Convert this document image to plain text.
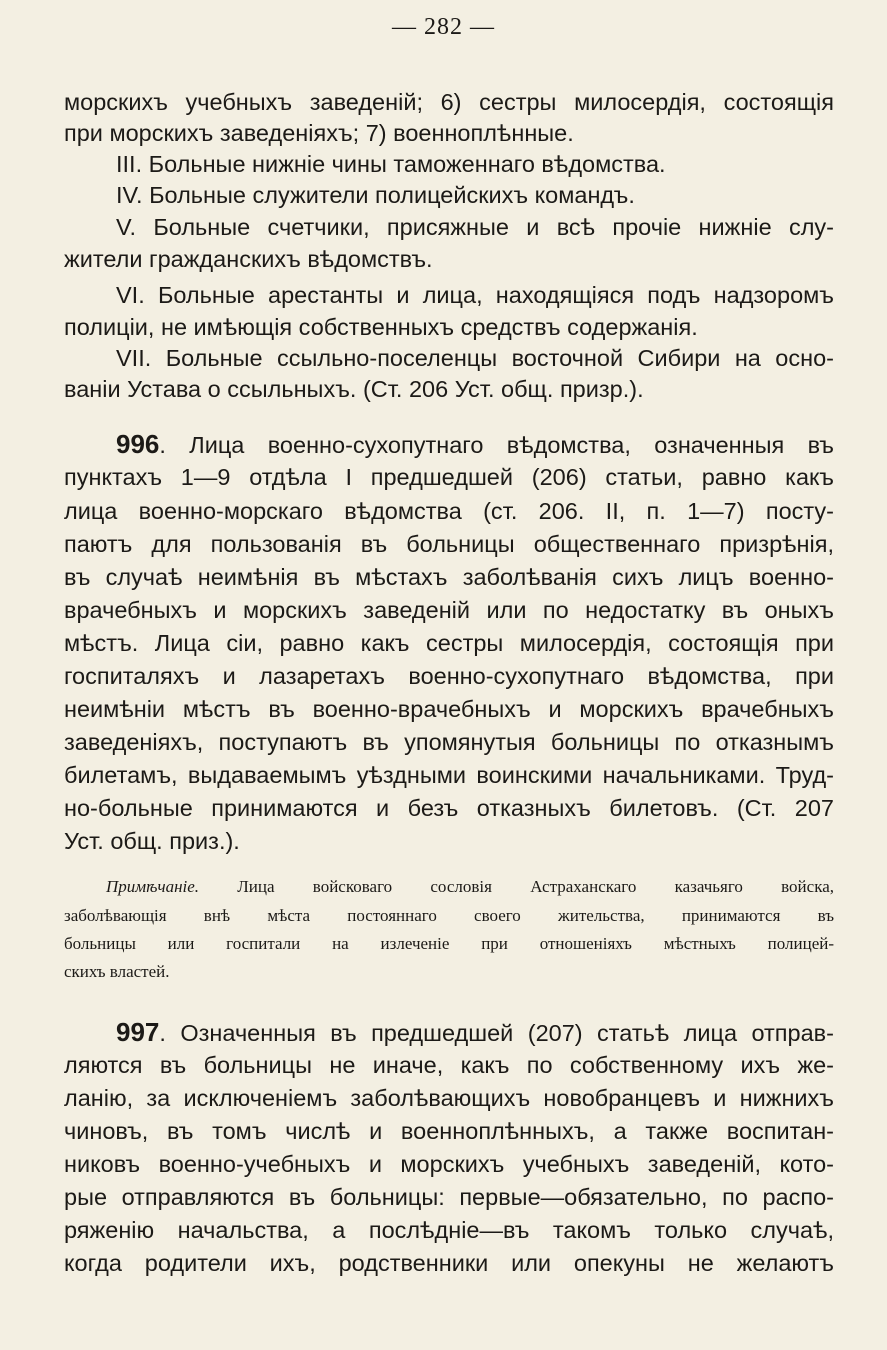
— 282 —
морскихъ учебныхъ заведеній; 6) сестры милосердія, состоящія
при морскихъ заведеніяхъ; 7) военноплѣнные.
III. Больные нижніе чины таможеннаго вѣдомства.
IV. Больные служители полицейскихъ командъ.
V. Больные счетчики, присяжные и всѣ прочіе нижніе слу-
жители гражданскихъ вѣдомствъ.
VI. Больные арестанты и лица, находящіяся подъ надзоромъ
полиціи, не имѣющія собственныхъ средствъ содержанія.
VII. Больные ссыльно-поселенцы восточной Сибири на осно-
ваніи Устава о ссыльныхъ. (Ст. 206 Уст. общ. призр.).
996. Лица военно-сухопутнаго вѣдомства, означенныя въ
пунктахъ 1—9 отдѣла I предшедшей (206) статьи, равно какъ
лица военно-морскаго вѣдомства (ст. 206. II, п. 1—7) посту-
паютъ для пользованія въ больницы общественнаго призрѣнія,
въ случаѣ неимѣнія въ мѣстахъ заболѣванія сихъ лицъ военно-
врачебныхъ и морскихъ заведеній или по недостатку въ оныхъ
мѣстъ. Лица сіи, равно какъ сестры милосердія, состоящія при
госпиталяхъ и лазаретахъ военно-сухопутнаго вѣдомства, при
неимѣніи мѣстъ въ военно-врачебныхъ и морскихъ врачебныхъ
заведеніяхъ, поступаютъ въ упомянутыя больницы по отказнымъ
билетамъ, выдаваемымъ уѣздными воинскими начальниками. Труд-
но-больные принимаются и безъ отказныхъ билетовъ. (Ст. 207
Уст. общ. приз.).
Примѣчаніе. Лица войсковаго сословія Астраханскаго казачьяго войска,
заболѣвающія внѣ мѣста постояннаго своего жительства, принимаются въ
больницы или госпитали на излеченіе при отношеніяхъ мѣстныхъ полицей-
скихъ властей.
997. Означенныя въ предшедшей (207) статьѣ лица отправ-
ляются въ больницы не иначе, какъ по собственному ихъ же-
ланію, за исключеніемъ заболѣвающихъ новобранцевъ и нижнихъ
чиновъ, въ томъ числѣ и военноплѣнныхъ, а также воспитан-
никовъ военно-учебныхъ и морскихъ учебныхъ заведеній, кото-
рые отправляются въ больницы: первые—обязательно, по распо-
ряженію начальства, а послѣдніе—въ такомъ только случаѣ,
когда родители ихъ, родственники или опекуны не желаютъ
